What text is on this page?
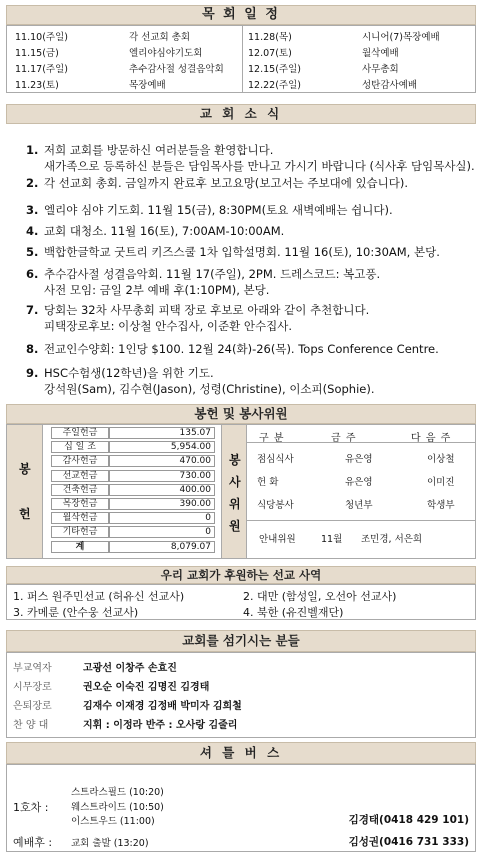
목 회 일 정
11.10(주일)	각 선교회 총회
11.15(금)	엘리야심야기도회
11.17(주일)	추수감사절 성결음악회
11.23(토)	목장예배
11.28(목)	시니어(7)목장예배
12.07(토)	월삭예배
12.15(주일)	사무총회
12.22(주일)	성탄감사예배
교 회 소 식
1. 저희 교회를 방문하신 여러분들을 환영합니다.
새가족으로 등록하신 분들은 담임목사를 만나고 가시기 바랍니다 (식사후 담임목사실).
2. 각 선교회 총회. 금일까지 완료후 보고요망(보고서는 주보대에 있습니다).
3. 엘리야 심야 기도회. 11월 15(금), 8:30PM(토요 새벽예배는 쉽니다).
4. 교회 대청소. 11월 16(토), 7:00AM-10:00AM.
5. 백합한글학교 굿트리 키즈스쿨 1차 입학설명회. 11월 16(토), 10:30AM, 본당.
6. 추수감사절 성결음악회. 11월 17(주일), 2PM. 드레스코드: 복고풍.
사전 모임: 금일 2부 예배 후(1:10PM), 본당.
7. 당회는 32차 사무총회 피택 장로 후보로 아래와 같이 추천합니다.
피택장로후보: 이상철 안수집사, 이준환 안수집사.
8. 전교인수양회: 1인당 $100. 12월 24(화)-26(목). Tops Conference Centre.
9. HSC수험생(12학년)을 위한 기도.
강석원(Sam), 김수현(Jason), 성령(Christine), 이소피(Sophie).
봉헌 및 봉사위원
봉
헌
주일헌금	135.07
십 일 조	5,954.00
감사헌금	470.00
선교헌금	730.00
건축헌금	400.00
목장헌금	390.00
월삭헌금	0
기타헌금	0
계	8,079.07
봉
사
위
원
구 분	금 주	다 음 주
점심식사	유은영	이상철
헌 화	유은영	이미진
식당봉사	청년부	학생부
안내위원	11월 조민경, 서은희
우리 교회가 후원하는 선교 사역
1. 퍼스 원주민선교 (허유신 선교사)	2. 대만 (함성일, 오선아 선교사)
3. 카메룬 (안수웅 선교사)	4. 북한 (유진벨재단)
교회를 섬기시는 분들
부교역자	고광선 이창주 손효진
시무장로	권오순 이숙진 김명진 김경태
은퇴장로	김재수 이재경 김정배 박미자 김희철
찬 양 대	지휘 : 이정라 반주 : 오사랑 김줄리
셔 틀 버 스
1호차 :
스트라스필드 (10:20)
웨스트라이드 (10:50)
이스트우드 (11:00)	김경태(0418 429 101)
예배후 : 교회 출발 (13:20)	김성권(0416 731 333)
